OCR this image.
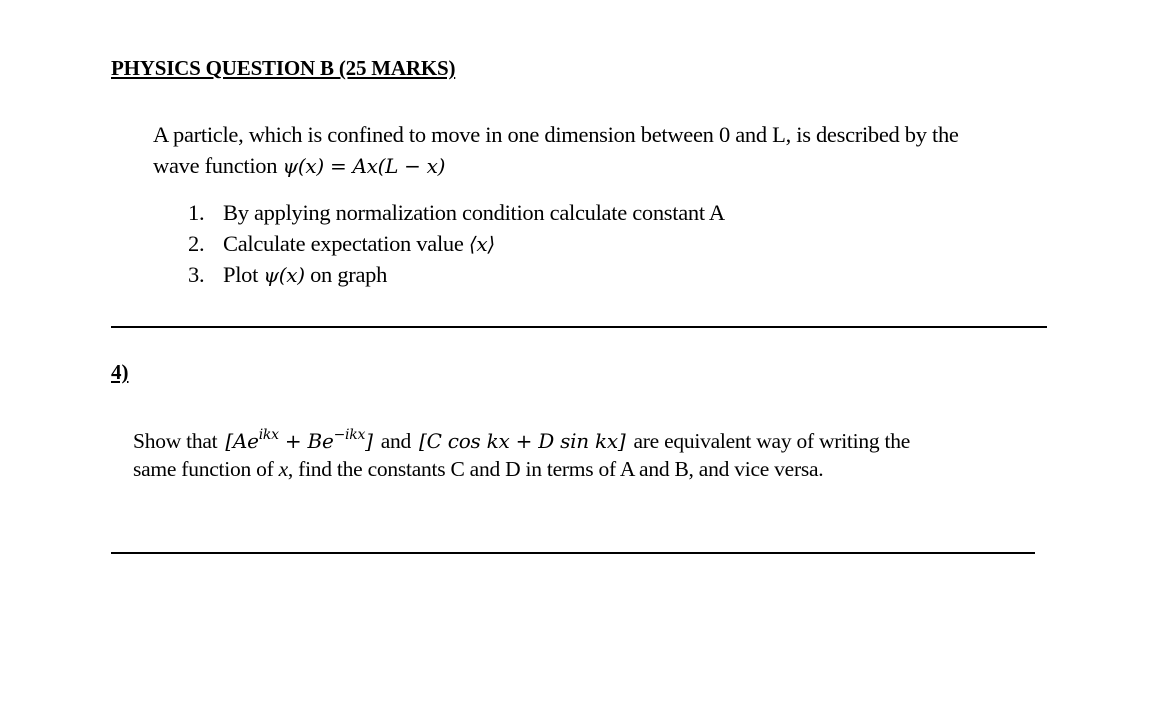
PHYSICS QUESTION B (25 MARKS)
A particle, which is confined to move in one dimension between 0 and L, is described by the
wave function ψ(x) = Ax(L − x)
1. By applying normalization condition calculate constant A
2. Calculate expectation value ⟨x⟩
3. Plot ψ(x) on graph
4)
Show that $[Ae^{ikx} + Be^{-ikx}]$ and [C cos kx + D sin kx] are equivalent way of writing the
same function of x, find the constants C and D in terms of A and B, and vice versa.
